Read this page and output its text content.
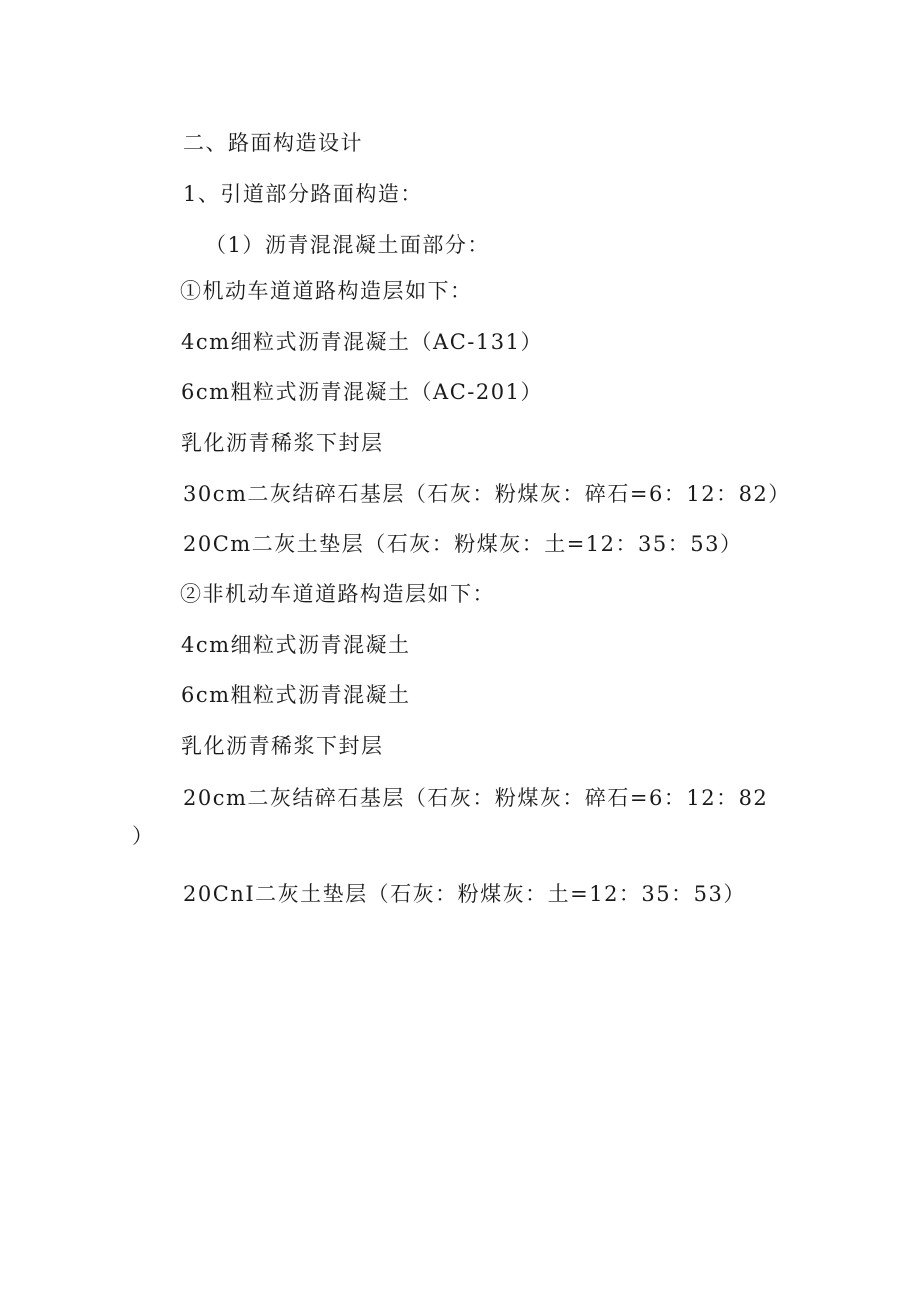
二、路面构造设计
1、引道部分路面构造：
（1）沥青混混凝土面部分：
①机动车道道路构造层如下：
4cm细粒式沥青混凝土（AC-131）
6cm粗粒式沥青混凝土（AC-201）
乳化沥青稀浆下封层
30cm二灰结碎石基层（石灰：粉煤灰：碎石=6：12：82）
20Cm二灰土垫层（石灰：粉煤灰：土=12：35：53）
②非机动车道道路构造层如下：
4cm细粒式沥青混凝土
6cm粗粒式沥青混凝土
乳化沥青稀浆下封层
20cm二灰结碎石基层（石灰：粉煤灰：碎石=6：12：82
）
20CnI二灰土垫层（石灰：粉煤灰：土=12：35：53）
